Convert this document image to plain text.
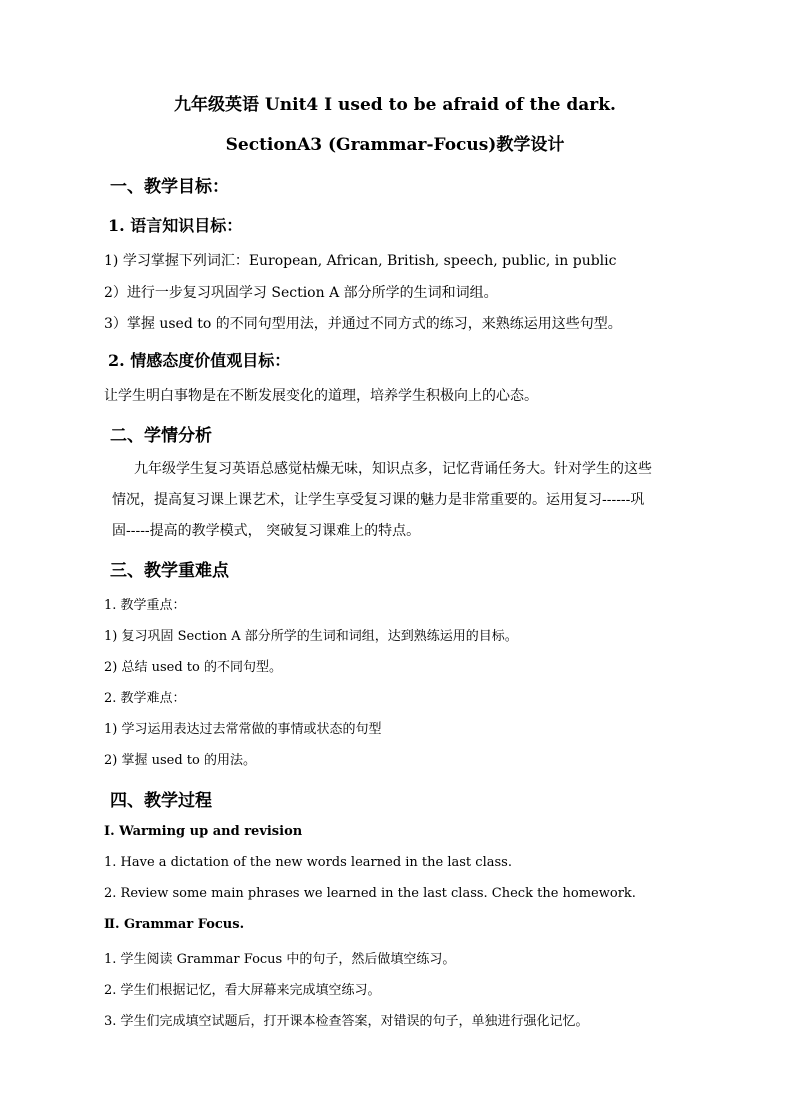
九年级英语 Unit4 I used to be afraid of the dark.
SectionA3 (Grammar-Focus)教学设计
一、教学目标：
1. 语言知识目标：
1) 学习掌握下列词汇：European, African, British, speech, public, in public
2）进行一步复习巩固学习 Section A 部分所学的生词和词组。
3）掌握 used to 的不同句型用法，并通过不同方式的练习，来熟练运用这些句型。
2. 情感态度价值观目标：
让学生明白事物是在不断发展变化的道理，培养学生积极向上的心态。
二、学情分析
九年级学生复习英语总感觉枯燥无味，知识点多，记忆背诵任务大。针对学生的这些
情况，提高复习课上课艺术，让学生享受复习课的魅力是非常重要的。运用复习------巩
固-----提高的教学模式， 突破复习课难上的特点。
三、教学重难点
1. 教学重点：
1) 复习巩固 Section A 部分所学的生词和词组，达到熟练运用的目标。
2) 总结 used to 的不同句型。
2. 教学难点：
1) 学习运用表达过去常常做的事情或状态的句型
2) 掌握 used to 的用法。
四、教学过程
Ⅰ. Warming up and revision
1. Have a dictation of the new words learned in the last class.
2. Review some main phrases we learned in the last class. Check the homework.
Ⅱ. Grammar Focus.
1. 学生阅读 Grammar Focus 中的句子，然后做填空练习。
2. 学生们根据记忆，看大屏幕来完成填空练习。
3. 学生们完成填空试题后，打开课本检查答案，对错误的句子，单独进行强化记忆。
